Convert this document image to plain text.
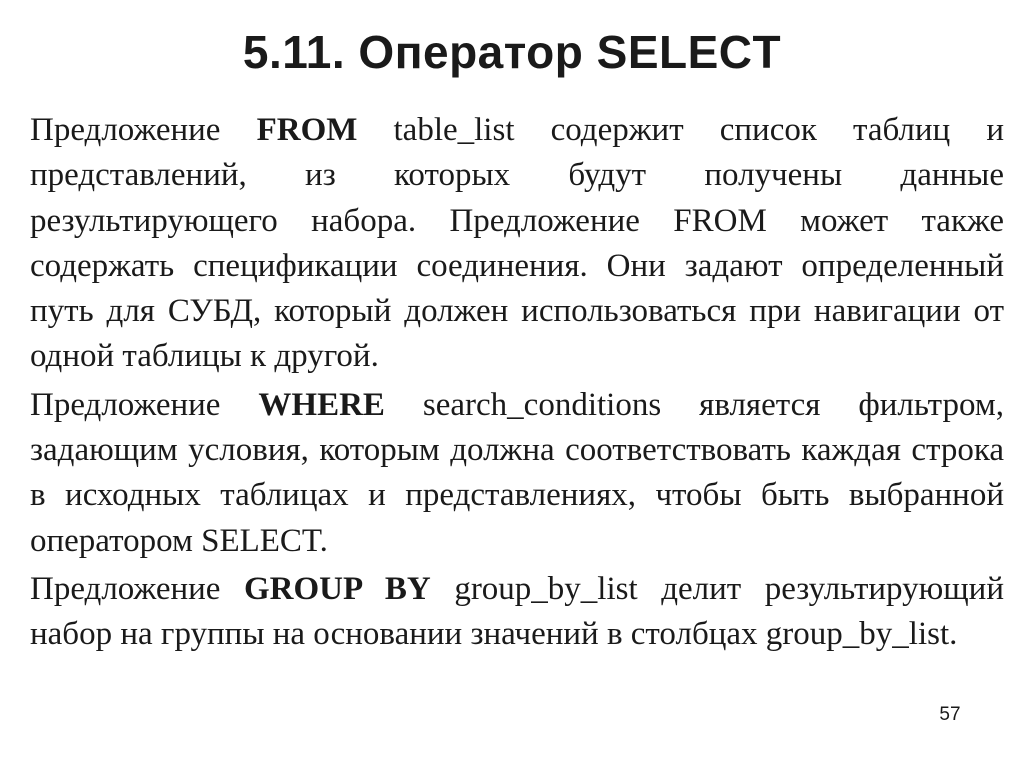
5.11. Оператор SELECT

Предложение FROM table_list содержит список таблиц и представлений, из которых будут получены данные результирующего набора. Предложение FROM может также содержать спецификации соединения. Они задают определенный путь для СУБД, который должен использоваться при навигации от одной таблицы к другой.

Предложение WHERE search_conditions является фильтром, задающим условия, которым должна соответствовать каждая строка в исходных таблицах и представлениях, чтобы быть выбранной оператором SELECT.

Предложение GROUP BY group_by_list делит результирующий набор на группы на основании значений в столбцах group_by_list.

57
